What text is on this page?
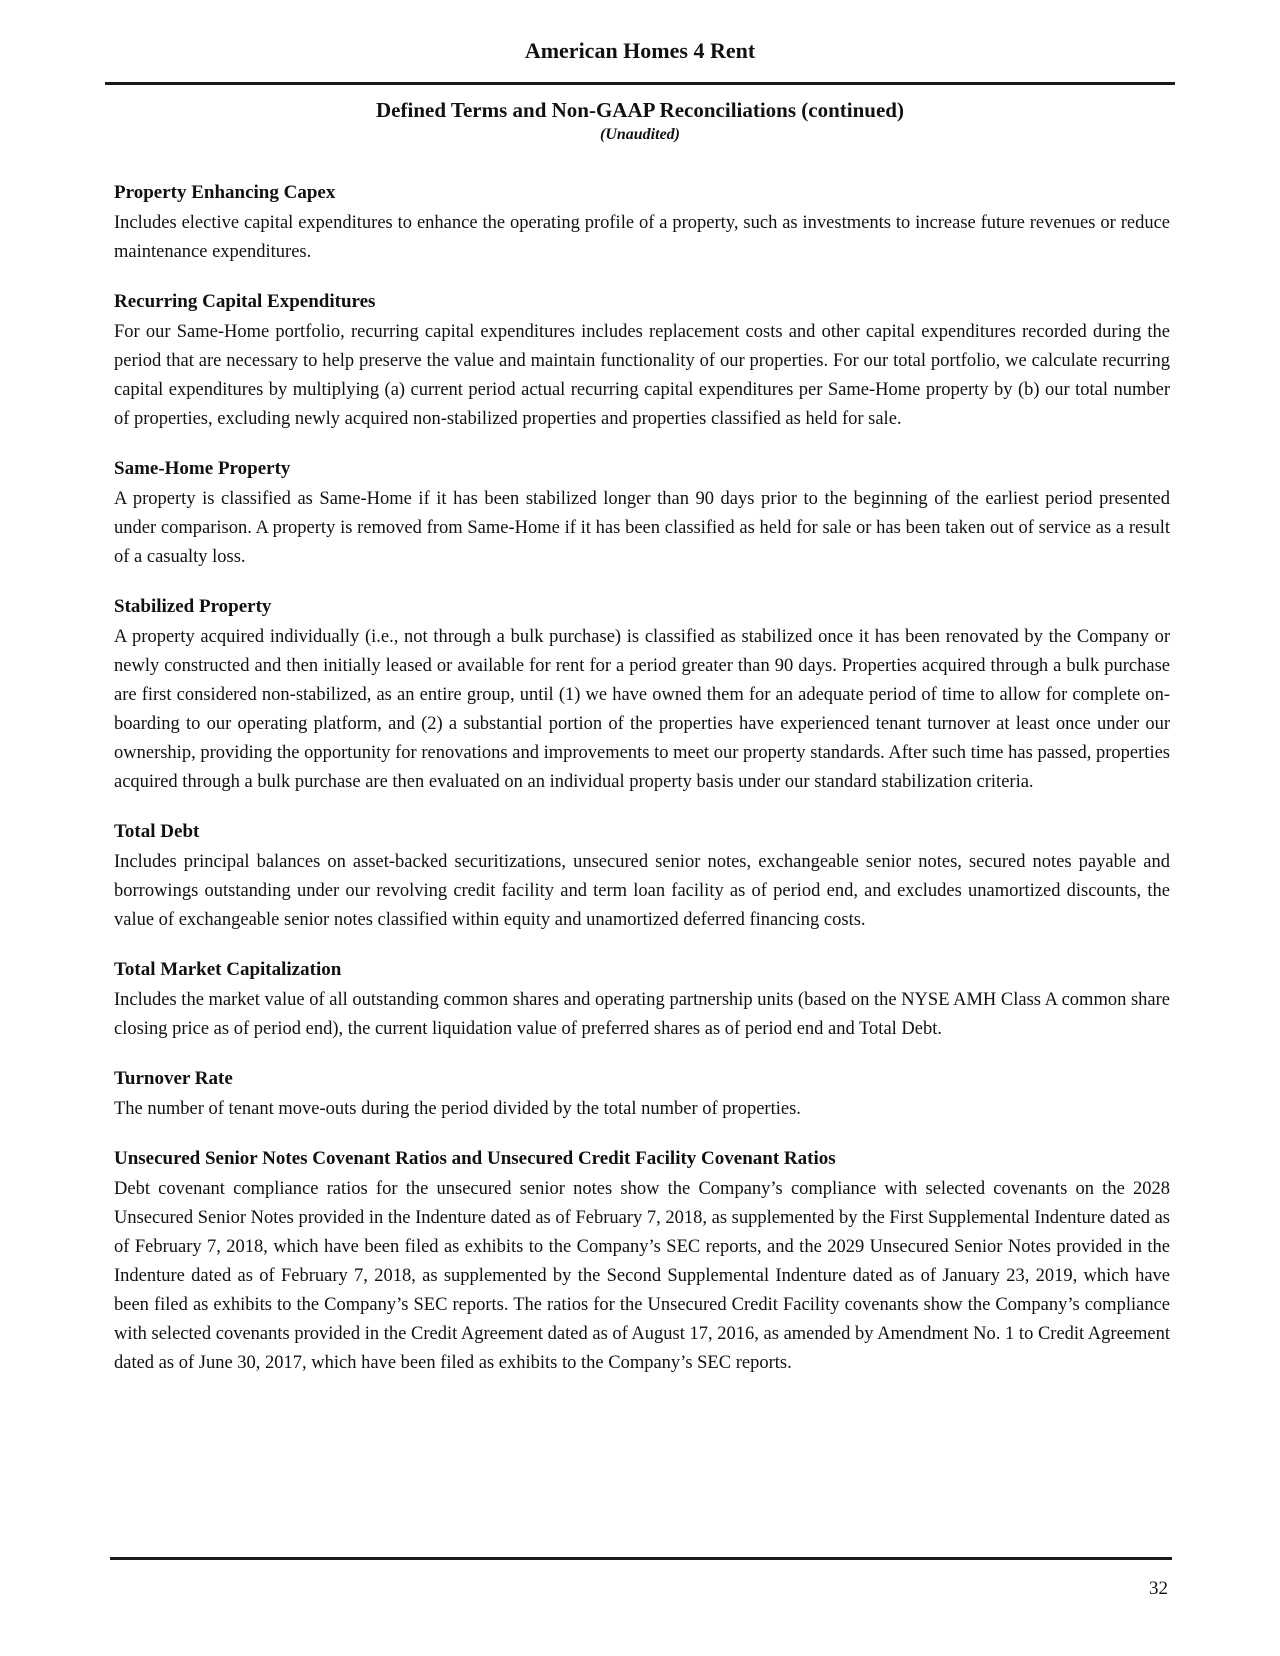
American Homes 4 Rent
Defined Terms and Non-GAAP Reconciliations (continued)

(Unaudited)

Property Enhancing Capex

Includes elective capital expenditures to enhance the operating profile of a property, such as investments to increase future revenues or reduce maintenance expenditures.

Recurring Capital Expenditures

For our Same-Home portfolio, recurring capital expenditures includes replacement costs and other capital expenditures recorded during the period that are necessary to help preserve the value and maintain functionality of our properties. For our total portfolio, we calculate recurring capital expenditures by multiplying (a) current period actual recurring capital expenditures per Same-Home property by (b) our total number of properties, excluding newly acquired non-stabilized properties and properties classified as held for sale.

Same-Home Property

A property is classified as Same-Home if it has been stabilized longer than 90 days prior to the beginning of the earliest period presented under comparison. A property is removed from Same-Home if it has been classified as held for sale or has been taken out of service as a result of a casualty loss.

Stabilized Property

A property acquired individually (i.e., not through a bulk purchase) is classified as stabilized once it has been renovated by the Company or newly constructed and then initially leased or available for rent for a period greater than 90 days. Properties acquired through a bulk purchase are first considered non-stabilized, as an entire group, until (1) we have owned them for an adequate period of time to allow for complete on-boarding to our operating platform, and (2) a substantial portion of the properties have experienced tenant turnover at least once under our ownership, providing the opportunity for renovations and improvements to meet our property standards. After such time has passed, properties acquired through a bulk purchase are then evaluated on an individual property basis under our standard stabilization criteria.

Total Debt

Includes principal balances on asset-backed securitizations, unsecured senior notes, exchangeable senior notes, secured notes payable and borrowings outstanding under our revolving credit facility and term loan facility as of period end, and excludes unamortized discounts, the value of exchangeable senior notes classified within equity and unamortized deferred financing costs.

Total Market Capitalization

Includes the market value of all outstanding common shares and operating partnership units (based on the NYSE AMH Class A common share closing price as of period end), the current liquidation value of preferred shares as of period end and Total Debt.

Turnover Rate

The number of tenant move-outs during the period divided by the total number of properties.

Unsecured Senior Notes Covenant Ratios and Unsecured Credit Facility Covenant Ratios

Debt covenant compliance ratios for the unsecured senior notes show the Company’s compliance with selected covenants on the 2028 Unsecured Senior Notes provided in the Indenture dated as of February 7, 2018, as supplemented by the First Supplemental Indenture dated as of February 7, 2018, which have been filed as exhibits to the Company’s SEC reports, and the 2029 Unsecured Senior Notes provided in the Indenture dated as of February 7, 2018, as supplemented by the Second Supplemental Indenture dated as of January 23, 2019, which have been filed as exhibits to the Company’s SEC reports. The ratios for the Unsecured Credit Facility covenants show the Company’s compliance with selected covenants provided in the Credit Agreement dated as of August 17, 2016, as amended by Amendment No. 1 to Credit Agreement dated as of June 30, 2017, which have been filed as exhibits to the Company’s SEC reports.

32
